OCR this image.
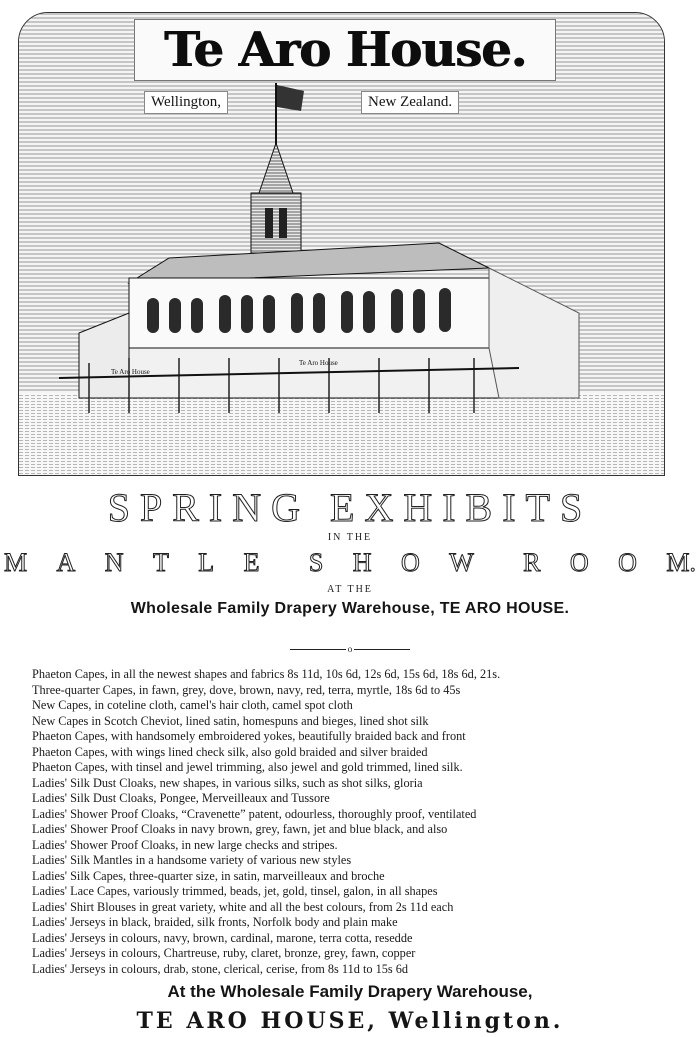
Te Aro House
Te Aro House
Te Aro House.
Wellington,	New Zealand.
SPRING EXHIBITS
IN THE
M A N T L E S H O W R O O M.
AT THE
Wholesale Family Drapery Warehouse, TE ARO HOUSE.
o
Phaeton Capes, in all the newest shapes and fabrics 8s 11d, 10s 6d, 12s 6d, 15s 6d, 18s 6d, 21s.
Three-quarter Capes, in fawn, grey, dove, brown, navy, red, terra, myrtle, 18s 6d to 45s
New Capes, in coteline cloth, camel's hair cloth, camel spot cloth
New Capes in Scotch Cheviot, lined satin, homespuns and bieges, lined shot silk
Phaeton Capes, with handsomely embroidered yokes, beautifully braided back and front
Phaeton Capes, with wings lined check silk, also gold braided and silver braided
Phaeton Capes, with tinsel and jewel trimming, also jewel and gold trimmed, lined silk.
Ladies' Silk Dust Cloaks, new shapes, in various silks, such as shot silks, gloria
Ladies' Silk Dust Cloaks, Pongee, Merveilleaux and Tussore
Ladies' Shower Proof Cloaks, “Cravenette” patent, odourless, thoroughly proof, ventilated
Ladies' Shower Proof Cloaks in navy brown, grey, fawn, jet and blue black, and also
Ladies' Shower Proof Cloaks, in new large checks and stripes.
Ladies' Silk Mantles in a handsome variety of various new styles
Ladies' Silk Capes, three-quarter size, in satin, marveilleaux and broche
Ladies' Lace Capes, variously trimmed, beads, jet, gold, tinsel, galon, in all shapes
Ladies' Shirt Blouses in great variety, white and all the best colours, from 2s 11d each
Ladies' Jerseys in black, braided, silk fronts, Norfolk body and plain make
Ladies' Jerseys in colours, navy, brown, cardinal, marone, terra cotta, resedde
Ladies' Jerseys in colours, Chartreuse, ruby, claret, bronze, grey, fawn, copper
Ladies' Jerseys in colours, drab, stone, clerical, cerise, from 8s 11d to 15s 6d
At the Wholesale Family Drapery Warehouse,
TE ARO HOUSE, Wellington.
